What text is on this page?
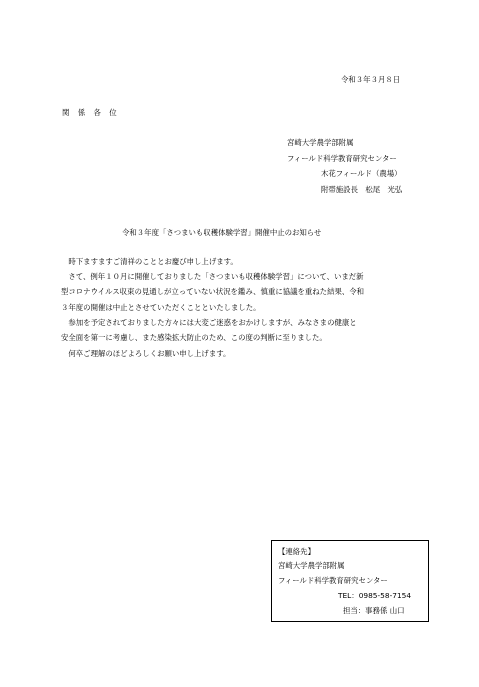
令和３年３月８日
関 係 各 位
宮崎大学農学部附属
フィールド科学教育研究センター
木花フィールド（農場）
附帯施設長　松尾　光弘
令和３年度「さつまいも収穫体験学習」開催中止のお知らせ
　時下ますますご清祥のこととお慶び申し上げます。
　さて、例年１０月に開催しておりました「さつまいも収穫体験学習」について、いまだ新
型コロナウイルス収束の見通しが立っていない状況を鑑み、慎重に協議を重ねた結果、令和
３年度の開催は中止とさせていただくことといたしました。
　参加を予定されておりました方々には大変ご迷惑をおかけしますが、みなさまの健康と
安全面を第一に考慮し、また感染拡大防止のため、この度の判断に至りました。
　何卒ご理解のほどよろしくお願い申し上げます。
【連絡先】
宮崎大学農学部附属
フィールド科学教育研究センター
TEL：0985-58-7154
担当：事務係 山口
